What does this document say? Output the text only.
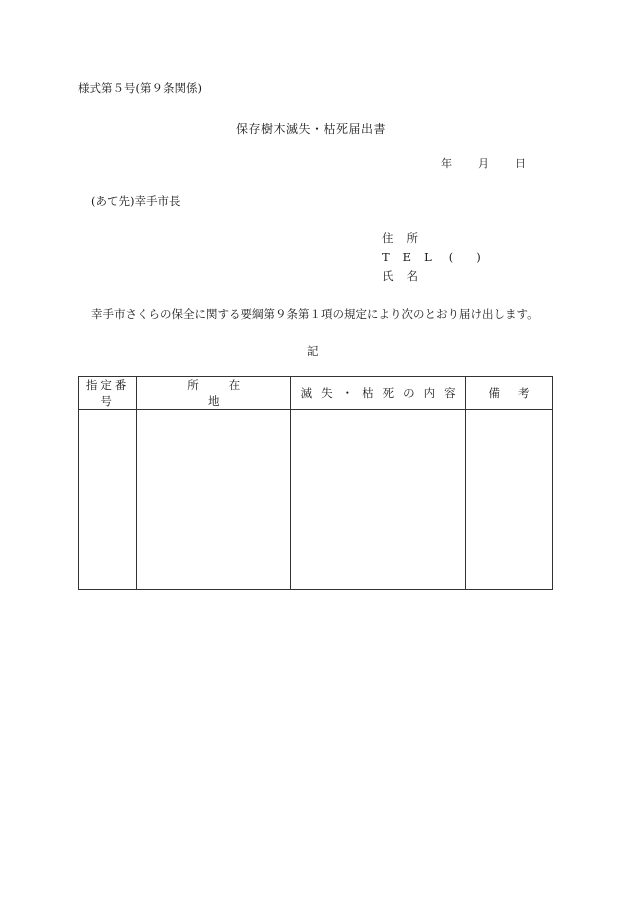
様式第５号(第９条関係)
保存樹木滅失・枯死届出書
年 月 日
(あて先)幸手市長
住所
TEL (　　)
氏名
幸手市さくらの保全に関する要綱第９条第１項の規定により次のとおり届け出します。
記
指定番号	所在地	滅失・枯死の内容	備考
